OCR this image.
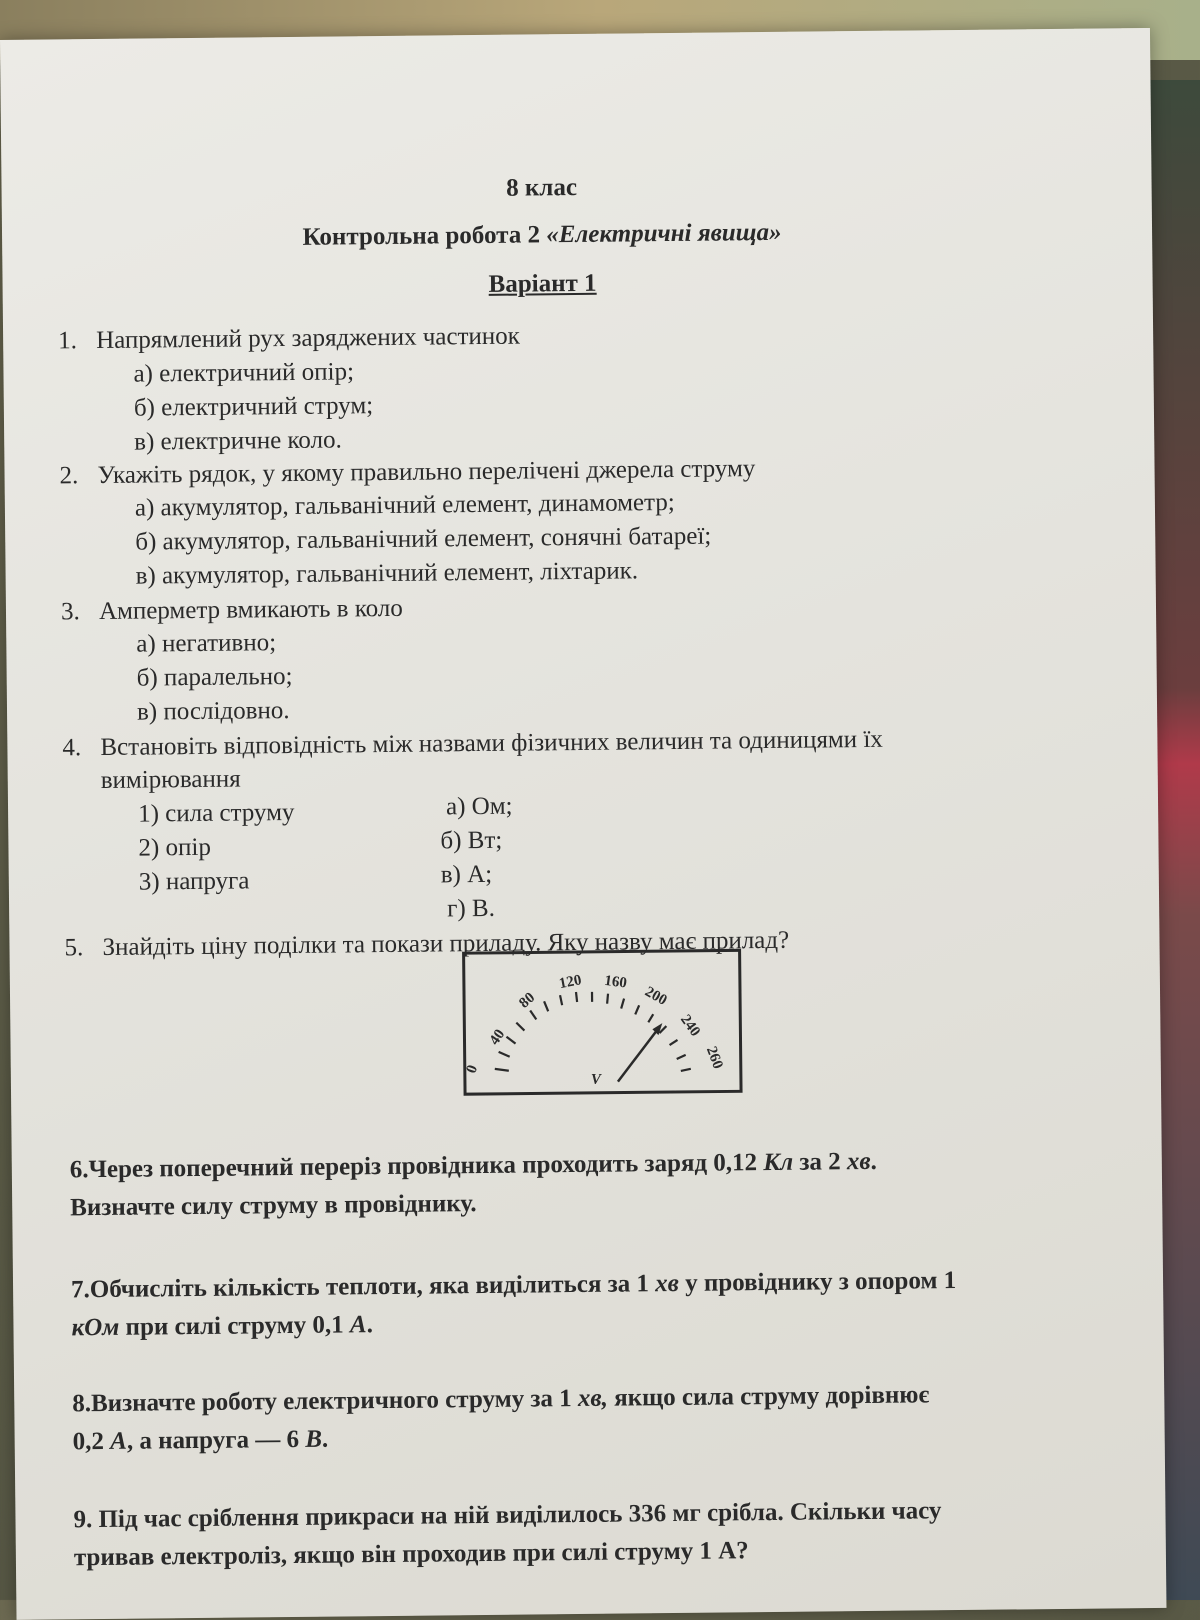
8 клас
Контрольна робота 2 «Електричні явища»
Варіант 1
1. Напрямлений рух заряджених частинок
а) електричний опір;
б) електричний струм;
в) електричне коло.
2. Укажіть рядок, у якому правильно перелічені джерела струму
а) акумулятор, гальванічний елемент, динамометр;
б) акумулятор, гальванічний елемент, сонячні батареї;
в) акумулятор, гальванічний елемент, ліхтарик.
3. Амперметр вмикають в коло
а) негативно;
б) паралельно;
в) послідовно.
4. Встановіть відповідність між назвами фізичних величин та одиницями їх
вимірювання
1) сила струму
2) опір
3) напруга
а) Ом;
б) Вт;
в) А;
г) В.
5. Знайдіть ціну поділки та покази приладу. Яку назву має прилад?
0
40
80
120 160
200
240
260
V
6.Через поперечний переріз провідника проходить заряд 0,12 Кл за 2 хв.
Визначте силу струму в провіднику.
7.Обчисліть кількість теплоти, яка виділиться за 1 хв у провіднику з опором 1
кОм при силі струму 0,1 А.
8.Визначте роботу електричного струму за 1 хв, якщо сила струму дорівнює
0,2 А, а напруга — 6 В.
9. Під час сріблення прикраси на ній виділилось 336 мг срібла. Скільки часу
тривав електроліз, якщо він проходив при силі струму 1 А?
